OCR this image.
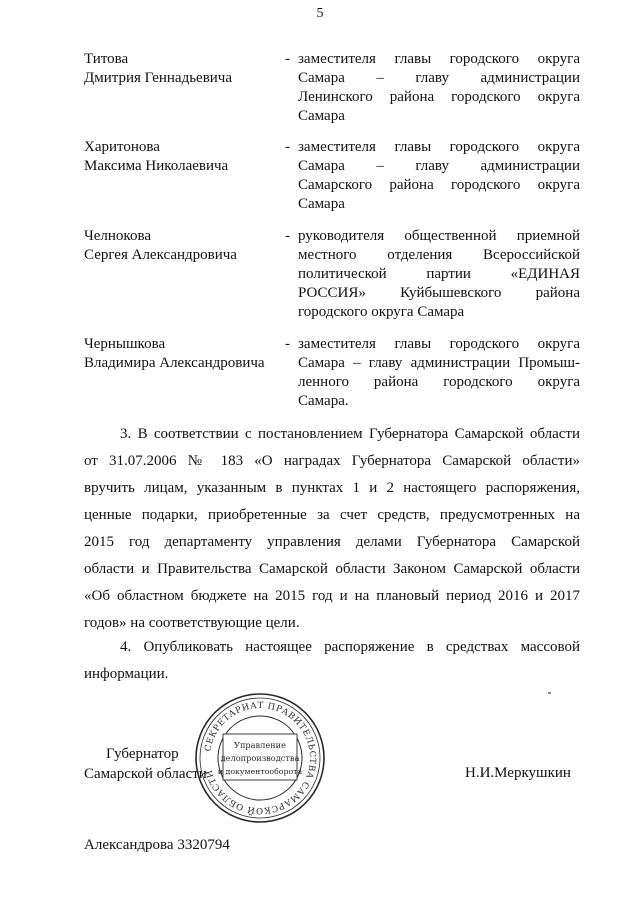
5
Титова
Дмитрия Геннадьевича
- заместителя главы городского округа
Самара – главу администрации
Ленинского района городского округа
Самара
Харитонова
Максима Николаевича
- заместителя главы городского округа
Самара – главу администрации
Самарского района городского округа
Самара
Челнокова
Сергея Александровича
- руководителя общественной приемной
местного отделения Всероссийской
политической партии «ЕДИНАЯ
РОССИЯ» Куйбышевского района
городского округа Самара
Чернышкова
Владимира Александровича
- заместителя главы городского округа
Самара – главу администрации Промыш-
ленного района городского округа
Самара.
3. В соответствии с постановлением Губернатора Самарской области
от 31.07.2006 № 183 «О наградах Губернатора Самарской области»
вручить лицам, указанным в пунктах 1 и 2 настоящего распоряжения,
ценные подарки, приобретенные за счет средств, предусмотренных на
2015 год департаменту управления делами Губернатора Самарской
области и Правительства Самарской области Законом Самарской области
«Об областном бюджете на 2015 год и на плановый период 2016 и 2017
годов» на соответствующие цели.
4. Опубликовать настоящее распоряжение в средствах массовой
информации.
Губернатор
Самарской области
СЕКРЕТАРИАТ ПРАВИТЕЛЬСТВА САМАРСКОЙ ОБЛАСТИ
Управление
делопроизводства
и документооборота	Н.И.Меркушкин
Александрова 3320794
